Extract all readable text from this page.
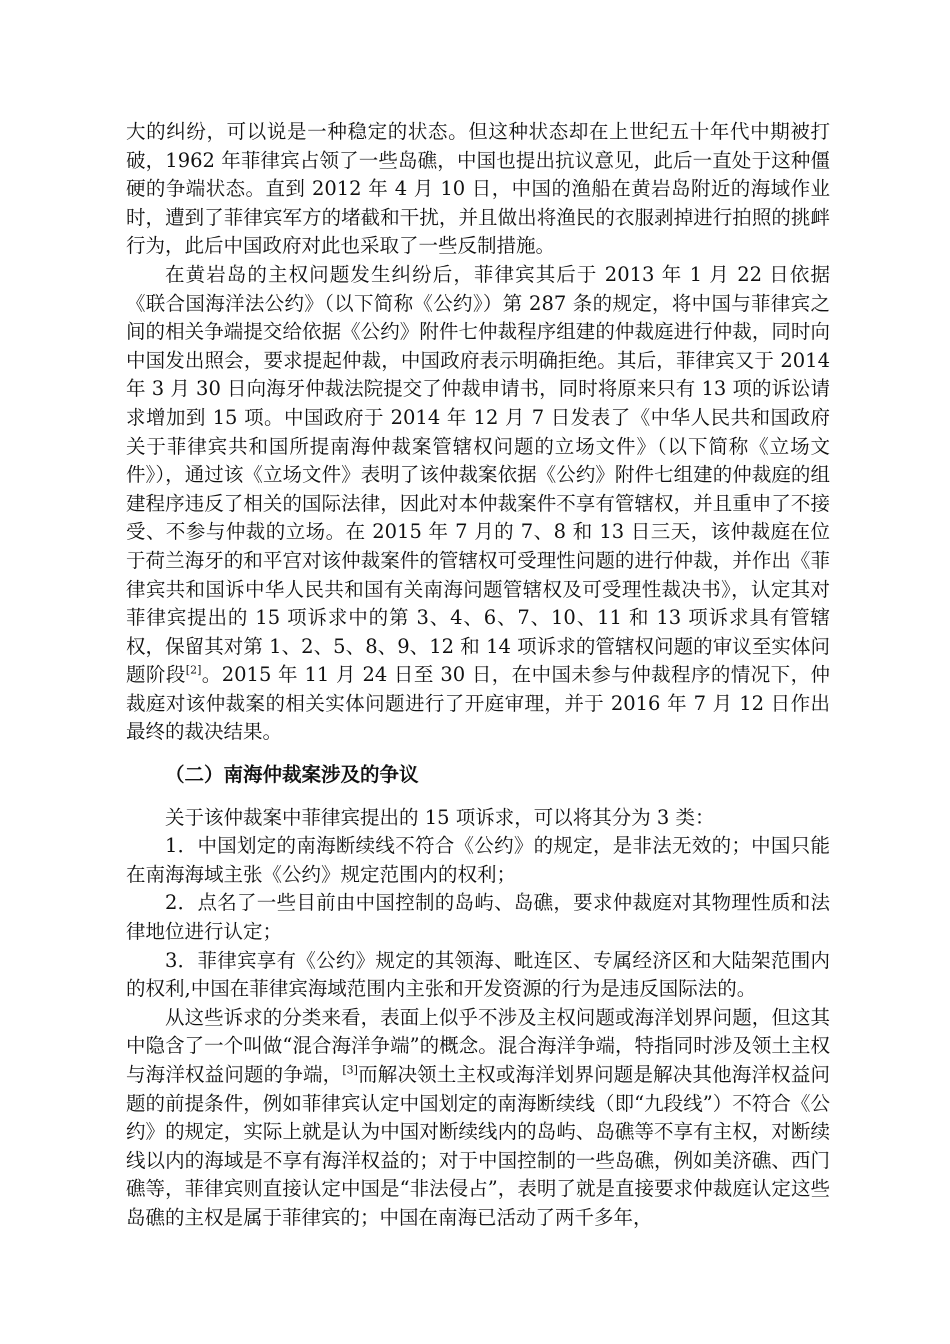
大的纠纷，可以说是一种稳定的状态。但这种状态却在上世纪五十年代中期被打破，1962 年菲律宾占领了一些岛礁，中国也提出抗议意见，此后一直处于这种僵硬的争端状态。直到 2012 年 4 月 10 日，中国的渔船在黄岩岛附近的海域作业时，遭到了菲律宾军方的堵截和干扰，并且做出将渔民的衣服剥掉进行拍照的挑衅行为，此后中国政府对此也采取了一些反制措施。

在黄岩岛的主权问题发生纠纷后，菲律宾其后于 2013 年 1 月 22 日依据《联合国海洋法公约》（以下简称《公约》）第 287 条的规定，将中国与菲律宾之间的相关争端提交给依据《公约》附件七仲裁程序组建的仲裁庭进行仲裁，同时向中国发出照会，要求提起仲裁，中国政府表示明确拒绝。其后，菲律宾又于 2014 年 3 月 30 日向海牙仲裁法院提交了仲裁申请书，同时将原来只有 13 项的诉讼请求增加到 15 项。中国政府于 2014 年 12 月 7 日发表了《中华人民共和国政府关于菲律宾共和国所提南海仲裁案管辖权问题的立场文件》（以下简称《立场文件》），通过该《立场文件》表明了该仲裁案依据《公约》附件七组建的仲裁庭的组建程序违反了相关的国际法律，因此对本仲裁案件不享有管辖权，并且重申了不接受、不参与仲裁的立场。在 2015 年 7 月的 7、8 和 13 日三天，该仲裁庭在位于荷兰海牙的和平宫对该仲裁案件的管辖权可受理性问题的进行仲裁，并作出《菲律宾共和国诉中华人民共和国有关南海问题管辖权及可受理性裁决书》，认定其对菲律宾提出的 15 项诉求中的第 3、4、6、7、10、11 和 13 项诉求具有管辖权，保留其对第 1、2、5、8、9、12 和 14 项诉求的管辖权问题的审议至实体问题阶段[2]。2015 年 11 月 24 日至 30 日，在中国未参与仲裁程序的情况下，仲裁庭对该仲裁案的相关实体问题进行了开庭审理，并于 2016 年 7 月 12 日作出最终的裁决结果。

（二）南海仲裁案涉及的争议

关于该仲裁案中菲律宾提出的 15 项诉求，可以将其分为 3 类：

1．中国划定的南海断续线不符合《公约》的规定，是非法无效的；中国只能在南海海域主张《公约》规定范围内的权利；

2．点名了一些目前由中国控制的岛屿、岛礁，要求仲裁庭对其物理性质和法律地位进行认定；

3．菲律宾享有《公约》规定的其领海、毗连区、专属经济区和大陆架范围内的权利,中国在菲律宾海域范围内主张和开发资源的行为是违反国际法的。

从这些诉求的分类来看，表面上似乎不涉及主权问题或海洋划界问题，但这其中隐含了一个叫做“混合海洋争端”的概念。混合海洋争端，特指同时涉及领土主权与海洋权益问题的争端，[3]而解决领土主权或海洋划界问题是解决其他海洋权益问题的前提条件，例如菲律宾认定中国划定的南海断续线（即“九段线”）不符合《公约》的规定，实际上就是认为中国对断续线内的岛屿、岛礁等不享有主权，对断续线以内的海域是不享有海洋权益的；对于中国控制的一些岛礁，例如美济礁、西门礁等，菲律宾则直接认定中国是“非法侵占”，表明了就是直接要求仲裁庭认定这些岛礁的主权是属于菲律宾的；中国在南海已活动了两千多年，
